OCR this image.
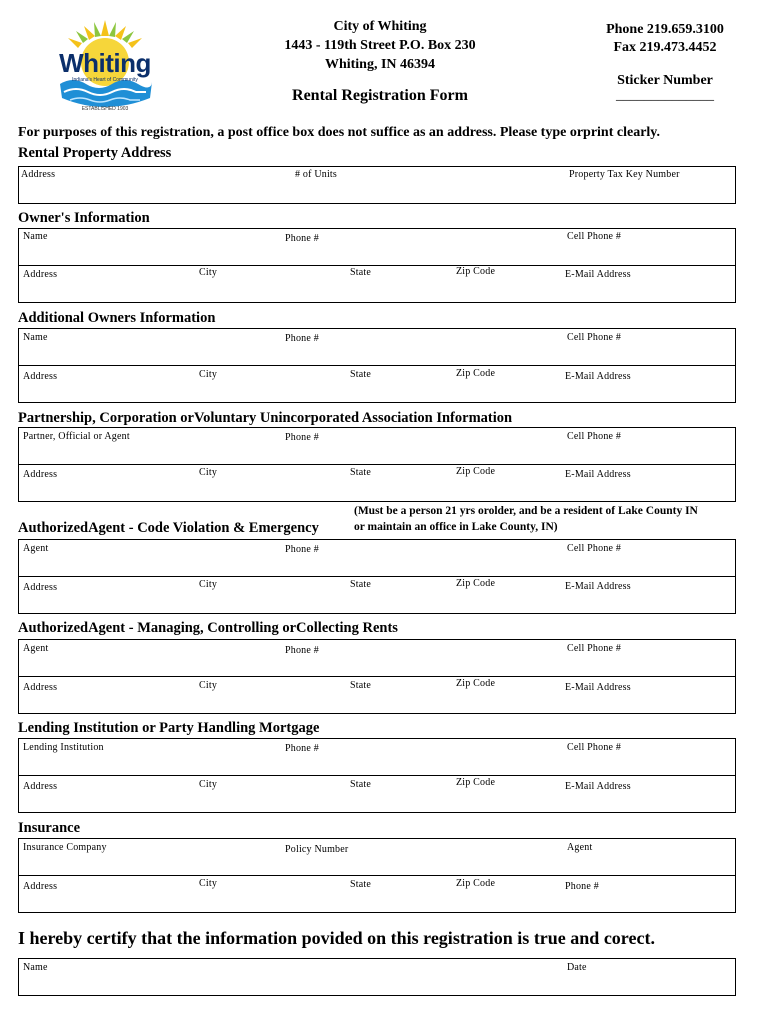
Whiting
Indiana's Heart of Community
ESTABLISHED 1903
City of Whiting
1443 - 119th Street P.O. Box 230
Whiting, IN 46394
Rental Registration Form
Phone 219.659.3100
Fax 219.473.4452
Sticker Number
______________
For purposes of this registration, a post office box does not suffice as an address. Please type orprint clearly.
Rental Property Address
Address	# of Units	Property Tax Key Number
Owner's Information
Name	Phone #	Cell Phone #
Address	City	State	Zip Code	E-Mail Address
Additional Owners Information
Name	Phone #	Cell Phone #
Address	City	State	Zip Code	E-Mail Address
Partnership, Corporation orVoluntary Unincorporated Association Information
Partner, Official or Agent	Phone #	Cell Phone #
Address	City	State	Zip Code	E-Mail Address
(Must be a person 21 yrs orolder, and be a resident of Lake County IN
or maintain an office in Lake County, IN)
AuthorizedAgent - Code Violation & Emergency
Agent	Phone #	Cell Phone #
Address	City	State	Zip Code	E-Mail Address
AuthorizedAgent - Managing, Controlling orCollecting Rents
Agent	Phone #	Cell Phone #
Address	City	State	Zip Code	E-Mail Address
Lending Institution or Party Handling Mortgage
Lending Institution	Phone #	Cell Phone #
Address	City	State	Zip Code	E-Mail Address
Insurance
Insurance Company	Policy Number	Agent
Address	City	State	Zip Code	Phone #
I hereby certify that the information povided on this registration is true and corect.
Name	Date
